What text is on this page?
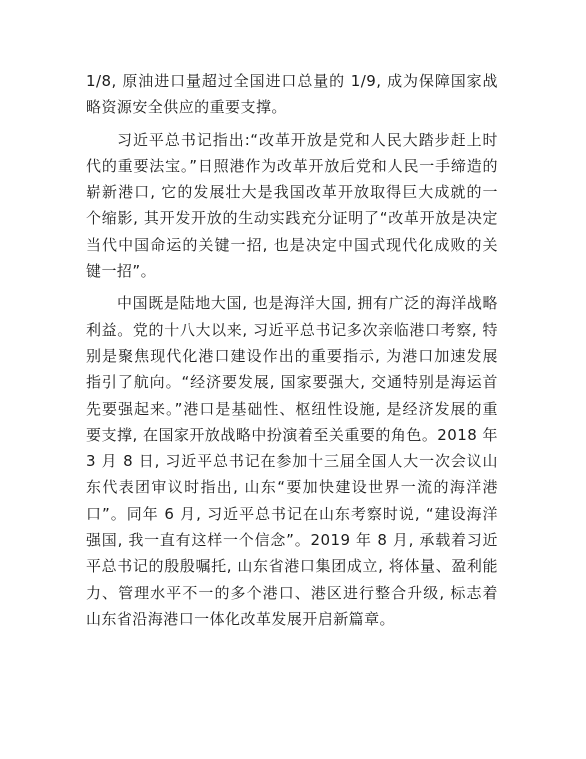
1/8, 原油进口量超过全国进口总量的 1/9, 成为保障国家战略资源安全供应的重要支撑。

习近平总书记指出:“改革开放是党和人民大踏步赶上时代的重要法宝。”日照港作为改革开放后党和人民一手缔造的崭新港口, 它的发展壮大是我国改革开放取得巨大成就的一个缩影, 其开发开放的生动实践充分证明了“改革开放是决定当代中国命运的关键一招, 也是决定中国式现代化成败的关键一招”。

中国既是陆地大国, 也是海洋大国, 拥有广泛的海洋战略利益。党的十八大以来, 习近平总书记多次亲临港口考察, 特别是聚焦现代化港口建设作出的重要指示, 为港口加速发展指引了航向。“经济要发展, 国家要强大, 交通特别是海运首先要强起来。”港口是基础性、枢纽性设施, 是经济发展的重要支撑, 在国家开放战略中扮演着至关重要的角色。2018 年 3 月 8 日, 习近平总书记在参加十三届全国人大一次会议山东代表团审议时指出, 山东“要加快建设世界一流的海洋港口”。同年 6 月, 习近平总书记在山东考察时说, “建设海洋强国, 我一直有这样一个信念”。2019 年 8 月, 承载着习近平总书记的殷殷嘱托, 山东省港口集团成立, 将体量、盈利能力、管理水平不一的多个港口、港区进行整合升级, 标志着山东省沿海港口一体化改革发展开启新篇章。
